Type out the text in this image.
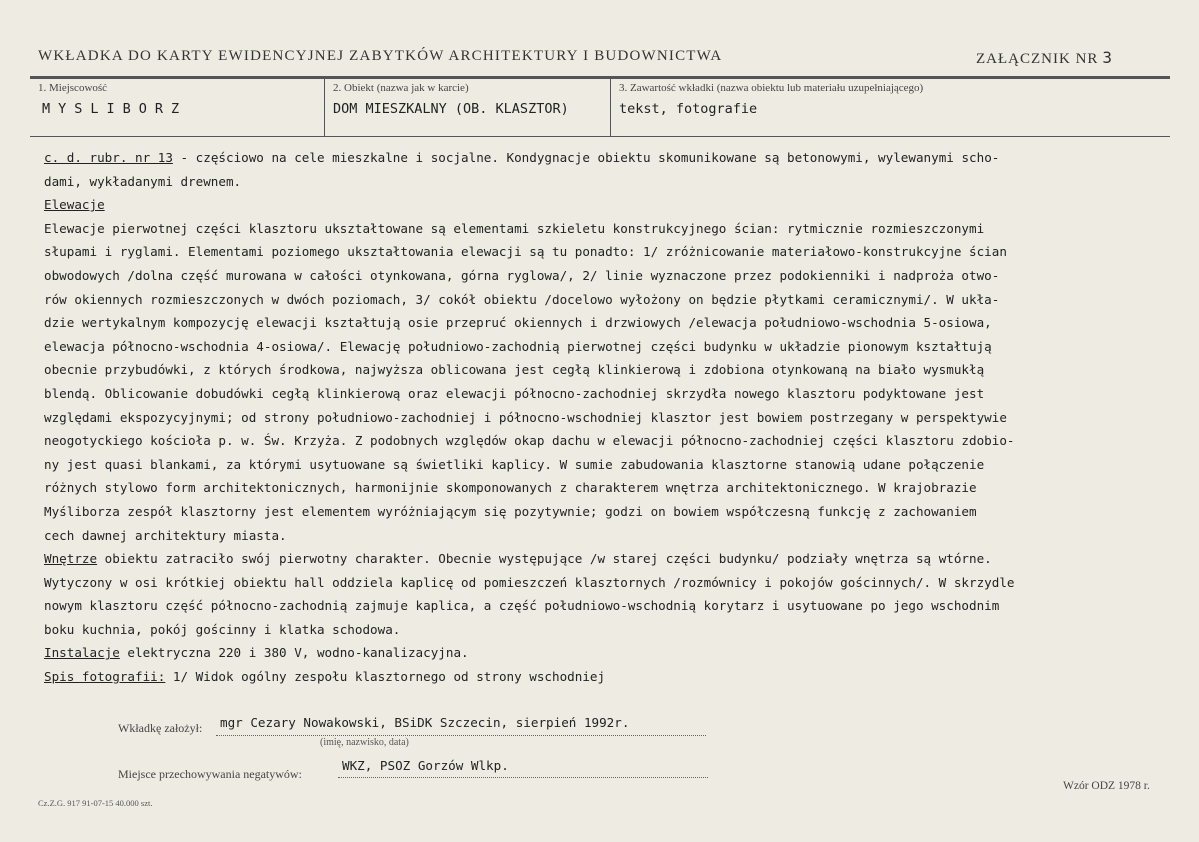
WKŁADKA DO KARTY EWIDENCYJNEJ ZABYTKÓW ARCHITEKTURY I BUDOWNICTWA	ZAŁĄCZNIK NR 3
1. Miejscowość
MYSLIBORZ
2. Obiekt (nazwa jak w karcie)
DOM MIESZKALNY (OB. KLASZTOR)
3. Zawartość wkładki (nazwa obiektu lub materiału uzupełniającego)
tekst, fotografie
c. d. rubr. nr 13 - częściowo na cele mieszkalne i socjalne. Kondygnacje obiektu skomunikowane są betonowymi, wylewanymi scho-
dami, wykładanymi drewnem.
Elewacje
Elewacje pierwotnej części klasztoru ukształtowane są elementami szkieletu konstrukcyjnego ścian: rytmicznie rozmieszczonymi
słupami i ryglami. Elementami poziomego ukształtowania elewacji są tu ponadto: 1/ zróżnicowanie materiałowo-konstrukcyjne ścian
obwodowych /dolna część murowana w całości otynkowana, górna ryglowa/, 2/ linie wyznaczone przez podokienniki i nadproża otwo-
rów okiennych rozmieszczonych w dwóch poziomach, 3/ cokół obiektu /docelowo wyłożony on będzie płytkami ceramicznymi/. W ukła-
dzie wertykalnym kompozycję elewacji kształtują osie przepruć okiennych i drzwiowych /elewacja południowo-wschodnia 5-osiowa,
elewacja północno-wschodnia 4-osiowa/. Elewację południowo-zachodnią pierwotnej części budynku w układzie pionowym kształtują
obecnie przybudówki, z których środkowa, najwyższa oblicowana jest cegłą klinkierową i zdobiona otynkowaną na biało wysmukłą
blendą. Oblicowanie dobudówki cegłą klinkierową oraz elewacji północno-zachodniej skrzydła nowego klasztoru podyktowane jest
względami ekspozycyjnymi; od strony południowo-zachodniej i północno-wschodniej klasztor jest bowiem postrzegany w perspektywie
neogotyckiego kościoła p. w. Św. Krzyża. Z podobnych względów okap dachu w elewacji północno-zachodniej części klasztoru zdobio-
ny jest quasi blankami, za którymi usytuowane są świetliki kaplicy. W sumie zabudowania klasztorne stanowią udane połączenie
różnych stylowo form architektonicznych, harmonijnie skomponowanych z charakterem wnętrza architektonicznego. W krajobrazie
Myśliborza zespół klasztorny jest elementem wyróżniającym się pozytywnie; godzi on bowiem współczesną funkcję z zachowaniem
cech dawnej architektury miasta.
Wnętrze obiektu zatraciło swój pierwotny charakter. Obecnie występujące /w starej części budynku/ podziały wnętrza są wtórne.
Wytyczony w osi krótkiej obiektu hall oddziela kaplicę od pomieszczeń klasztornych /rozmównicy i pokojów gościnnych/. W skrzydle
nowym klasztoru część północno-zachodnią zajmuje kaplica, a część południowo-wschodnią korytarz i usytuowane po jego wschodnim
boku kuchnia, pokój gościnny i klatka schodowa.
Instalacje elektryczna 220 i 380 V, wodno-kanalizacyjna.
Spis fotografii: 1/ Widok ogólny zespołu klasztornego od strony wschodniej
Wkładkę założył: mgr Cezary Nowakowski, BSiDK Szczecin, sierpień 1992r.
(imię, nazwisko, data)
Miejsce przechowywania negatywów:
WKZ, PSOZ Gorzów Wlkp.
Wzór ODZ 1978 r.
Cz.Z.G. 917 91-07-15 40.000 szt.
